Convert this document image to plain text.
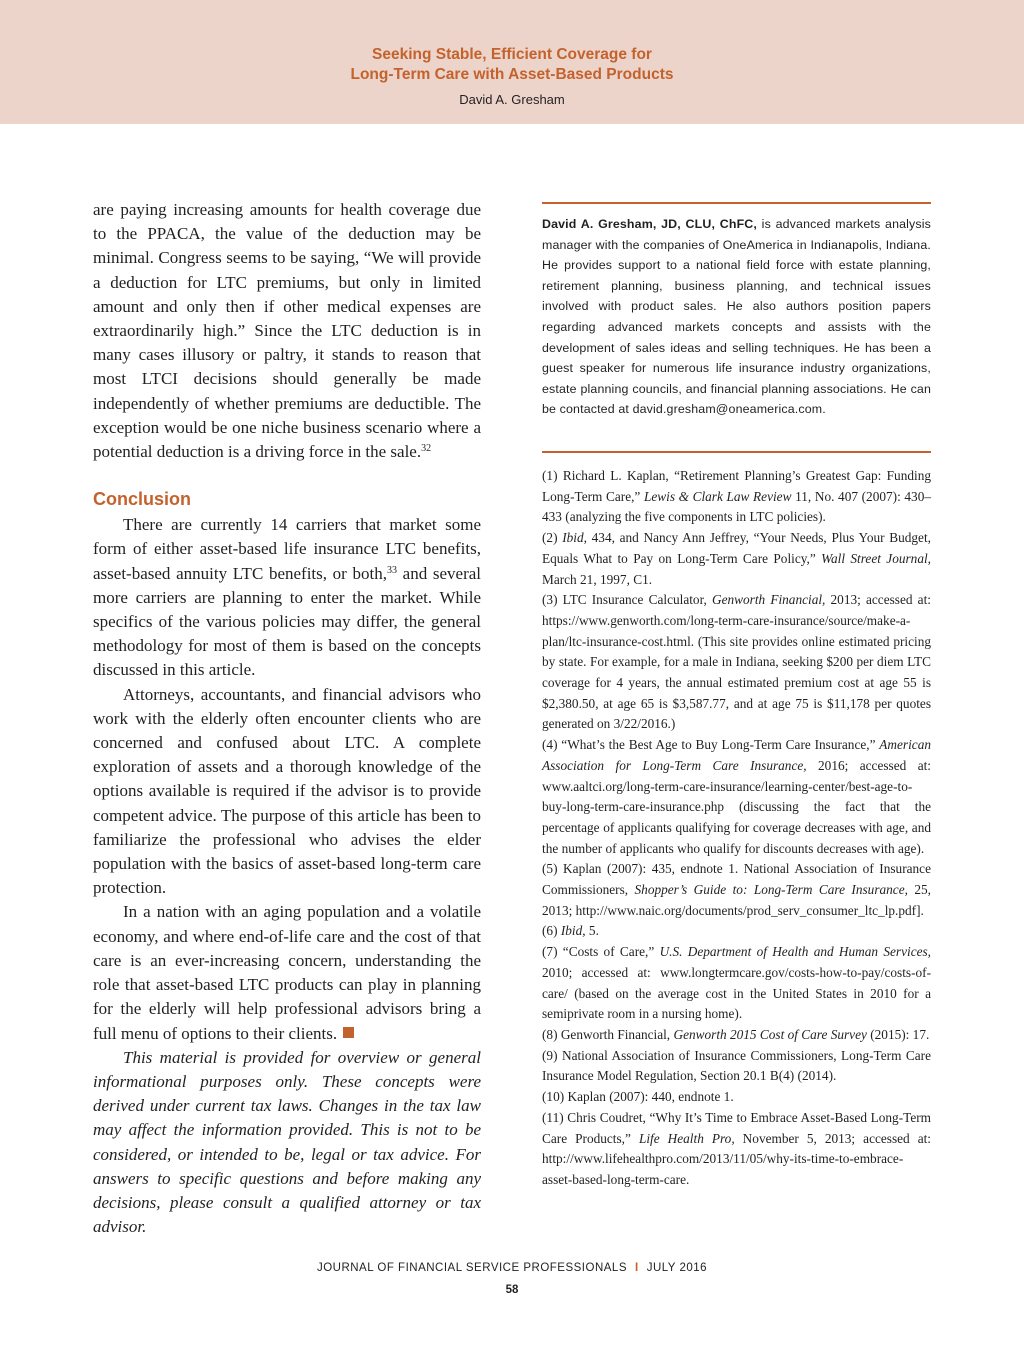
Seeking Stable, Efficient Coverage for
Long-Term Care with Asset-Based Products
David A. Gresham

are paying increasing amounts for health coverage due to the PPACA, the value of the deduction may be minimal. Congress seems to be saying, “We will provide a deduction for LTC premiums, but only in limited amount and only then if other medical expenses are extraordinarily high.” Since the LTC deduction is in many cases illusory or paltry, it stands to reason that most LTCI decisions should generally be made independently of whether premiums are deductible. The exception would be one niche business scenario where a potential deduction is a driving force in the sale.$^{32}$

Conclusion

There are currently 14 carriers that market some form of either asset-based life insurance LTC benefits, asset-based annuity LTC benefits, or both,$^{33}$ and several more carriers are planning to enter the market. While specifics of the various policies may differ, the general methodology for most of them is based on the concepts discussed in this article.

Attorneys, accountants, and financial advisors who work with the elderly often encounter clients who are concerned and confused about LTC. A complete exploration of assets and a thorough knowledge of the options available is required if the advisor is to provide competent advice. The purpose of this article has been to familiarize the professional who advises the elder population with the basics of asset-based long-term care protection.

In a nation with an aging population and a volatile economy, and where end-of-life care and the cost of that care is an ever-increasing concern, understanding the role that asset-based LTC products can play in planning for the elderly will help professional advisors bring a full menu of options to their clients.

This material is provided for overview or general informational purposes only. These concepts were derived under current tax laws. Changes in the tax law may affect the information provided. This is not to be considered, or intended to be, legal or tax advice. For answers to specific questions and before making any decisions, please consult a qualified attorney or tax advisor.

David A. Gresham, JD, CLU, ChFC, is advanced markets analysis manager with the companies of OneAmerica in Indianapolis, Indiana. He provides support to a national field force with estate planning, retirement planning, business planning, and technical issues involved with product sales. He also authors position papers regarding advanced markets concepts and assists with the development of sales ideas and selling techniques. He has been a guest speaker for numerous life insurance industry organizations, estate planning councils, and financial planning associations. He can be contacted at david.gresham@oneamerica.com.

(1) Richard L. Kaplan, “Retirement Planning’s Greatest Gap: Funding Long-Term Care,” Lewis & Clark Law Review 11, No. 407 (2007): 430–433 (analyzing the five components in LTC policies).

(2) Ibid, 434, and Nancy Ann Jeffrey, “Your Needs, Plus Your Budget, Equals What to Pay on Long-Term Care Policy,” Wall Street Journal, March 21, 1997, C1.

(3) LTC Insurance Calculator, Genworth Financial, 2013; accessed at: https://www.genworth.com/long-term-care-insurance/source/make-a-plan/ltc-insurance-cost.html. (This site provides online estimated pricing by state. For example, for a male in Indiana, seeking $200 per diem LTC coverage for 4 years, the annual estimated premium cost at age 55 is $2,380.50, at age 65 is $3,587.77, and at age 75 is $11,178 per quotes generated on 3/22/2016.)

(4) “What’s the Best Age to Buy Long-Term Care Insurance,” American Association for Long-Term Care Insurance, 2016; accessed at: www.aaltci.org/long-term-care-insurance/learning-center/best-age-to-buy-long-term-care-insurance.php (discussing the fact that the percentage of applicants qualifying for coverage decreases with age, and the number of applicants who qualify for discounts decreases with age).

(5) Kaplan (2007): 435, endnote 1. National Association of Insurance Commissioners, Shopper’s Guide to: Long-Term Care Insurance, 25, 2013; http://www.naic.org/documents/prod_serv_consumer_ltc_lp.pdf].

(6) Ibid, 5.

(7) “Costs of Care,” U.S. Department of Health and Human Services, 2010; accessed at: www.longtermcare.gov/costs-how-to-pay/costs-of-care/ (based on the average cost in the United States in 2010 for a semiprivate room in a nursing home).

(8) Genworth Financial, Genworth 2015 Cost of Care Survey (2015): 17.

(9) National Association of Insurance Commissioners, Long-Term Care Insurance Model Regulation, Section 20.1 B(4) (2014).

(10) Kaplan (2007): 440, endnote 1.

(11) Chris Coudret, “Why It’s Time to Embrace Asset-Based Long-Term Care Products,” Life Health Pro, November 5, 2013; accessed at: http://www.lifehealthpro.com/2013/11/05/why-its-time-to-embrace-asset-based-long-term-care.

JOURNAL OF FINANCIAL SERVICE PROFESSIONALS I JULY 2016
58
